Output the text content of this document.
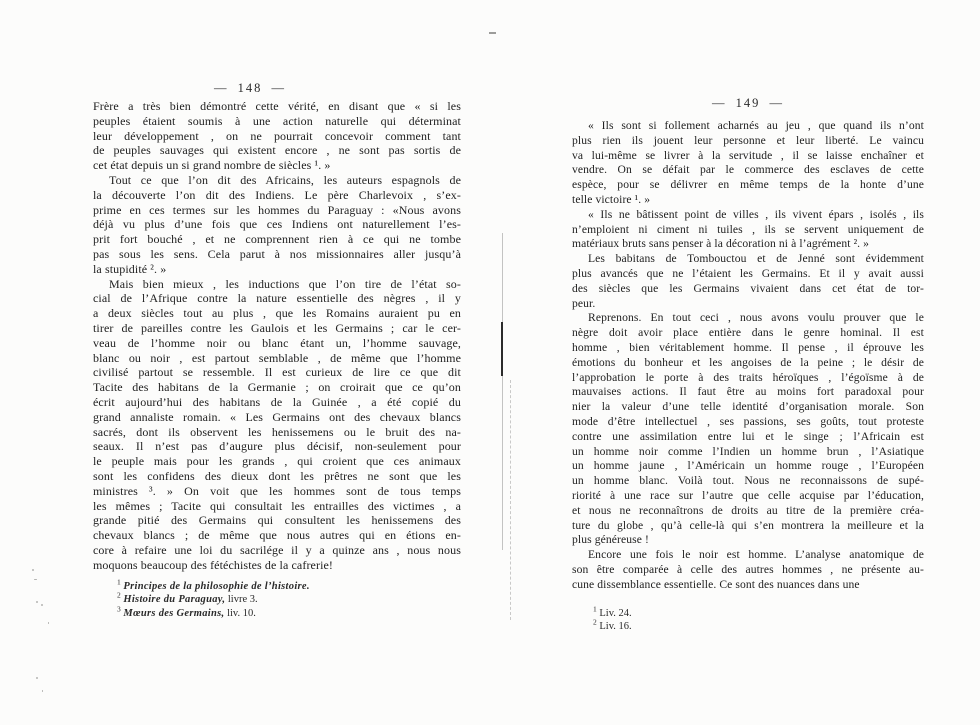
— 148 —
Frère a très bien démontré cette vérité, en disant que « si les
peuples étaient soumis à une action naturelle qui déterminat
leur développement , on ne pourrait concevoir comment tant
de peuples sauvages qui existent encore , ne sont pas sortis de
cet état depuis un si grand nombre de siècles ¹. »
Tout ce que l’on dit des Africains, les auteurs espagnols de
la découverte l’on dit des Indiens. Le père Charlevoix , s’ex-
prime en ces termes sur les hommes du Paraguay : «Nous avons
déjà vu plus d’une fois que ces Indiens ont naturellement l’es-
prit fort bouché , et ne comprennent rien à ce qui ne tombe
pas sous les sens. Cela parut à nos missionnaires aller jusqu’à
la stupidité ². »
Mais bien mieux , les inductions que l’on tire de l’état so-
cial de l’Afrique contre la nature essentielle des nègres , il y
a deux siècles tout au plus , que les Romains auraient pu en
tirer de pareilles contre les Gaulois et les Germains ; car le cer-
veau de l’homme noir ou blanc étant un, l’homme sauvage,
blanc ou noir , est partout semblable , de même que l’homme
civilisé partout se ressemble. Il est curieux de lire ce que dit
Tacite des habitans de la Germanie ; on croirait que ce qu’on
écrit aujourd’hui des habitans de la Guinée , a été copié du
grand annaliste romain. « Les Germains ont des chevaux blancs
sacrés, dont ils observent les henissemens ou le bruit des na-
seaux. Il n’est pas d’augure plus décisif, non-seulement pour
le peuple mais pour les grands , qui croient que ces animaux
sont les confidens des dieux dont les prêtres ne sont que les
ministres ³. » On voit que les hommes sont de tous temps
les mêmes ; Tacite qui consultait les entrailles des victimes , a
grande pitié des Germains qui consultent les henissemens des
chevaux blancs ; de même que nous autres qui en étions en-
core à refaire une loi du sacrilége il y a quinze ans , nous nous
moquons beaucoup des fétéchistes de la cafrerie!
$^1$ Principes de la philosophie de l’histoire.
$^2$ Histoire du Paraguay, livre 3.
$^3$ Mœurs des Germains, liv. 10.
— 149 —
« Ils sont si follement acharnés au jeu , que quand ils n’ont
plus rien ils jouent leur personne et leur liberté. Le vaincu
va lui-même se livrer à la servitude , il se laisse enchaîner et
vendre. On se défait par le commerce des esclaves de cette
espèce, pour se délivrer en même temps de la honte d’une
telle victoire ¹. »
« Ils ne bâtissent point de villes , ils vivent épars , isolés , ils
n’emploient ni ciment ni tuiles , ils se servent uniquement de
matériaux bruts sans penser à la décoration ni à l’agrément ². »
Les babitans de Tombouctou et de Jenné sont évidemment
plus avancés que ne l’étaient les Germains. Et il y avait aussi
des siècles que les Germains vivaient dans cet état de tor-
peur.
Reprenons. En tout ceci , nous avons voulu prouver que le
nègre doit avoir place entière dans le genre hominal. Il est
homme , bien véritablement homme. Il pense , il éprouve les
émotions du bonheur et les angoises de la peine ; le désir de
l’approbation le porte à des traits héroïques , l’égoïsme à de
mauvaises actions. Il faut être au moins fort paradoxal pour
nier la valeur d’une telle identité d’organisation morale. Son
mode d’être intellectuel , ses passions, ses goûts, tout proteste
contre une assimilation entre lui et le singe ; l’Africain est
un homme noir comme l’Indien un homme brun , l’Asiatique
un homme jaune , l’Américain un homme rouge , l’Européen
un homme blanc. Voilà tout. Nous ne reconnaissons de supé-
riorité à une race sur l’autre que celle acquise par l’éducation,
et nous ne reconnaîtrons de droits au titre de la première créa-
ture du globe , qu’à celle-là qui s’en montrera la meilleure et la
plus généreuse !
Encore une fois le noir est homme. L’analyse anatomique de
son être comparée à celle des autres hommes , ne présente au-
cune dissemblance essentielle. Ce sont des nuances dans une
$^1$ Liv. 24.
$^2$ Liv. 16.
